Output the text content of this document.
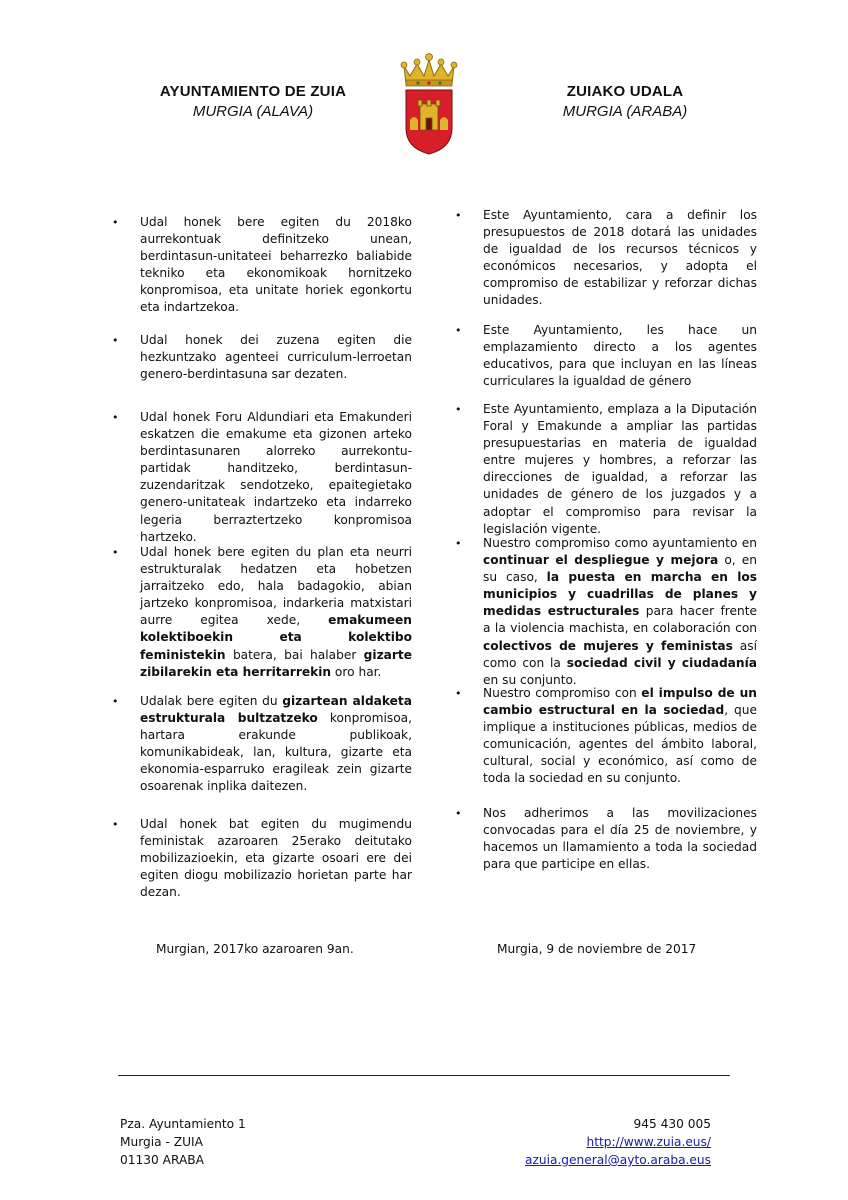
AYUNTAMIENTO DE ZUIA
MURGIA (ALAVA)
ZUIAKO UDALA
MURGIA (ARABA)
• Udal honek bere egiten du 2018ko aurrekontuak definitzeko unean, berdintasun-unitateei beharrezko baliabide tekniko eta ekonomikoak hornitzeko konpromisoa, eta unitate horiek egonkortu eta indartzekoa.
• Udal honek dei zuzena egiten die hezkuntzako agenteei curriculum-lerroetan genero-berdintasuna sar dezaten.
• Udal honek Foru Aldundiari eta Emakunderi eskatzen die emakume eta gizonen arteko berdintasunaren alorreko aurrekontu-partidak handitzeko, berdintasun-zuzendaritzak sendotzeko, epaitegietako genero-unitateak indartzeko eta indarreko legeria berraztertzeko konpromisoa hartzeko.
• Udal honek bere egiten du plan eta neurri estrukturalak hedatzen eta hobetzen jarraitzeko edo, hala badagokio, abian jartzeko konpromisoa, indarkeria matxistari aurre egitea xede, emakumeen kolektiboekin eta kolektibo feministekin batera, bai halaber gizarte zibilarekin eta herritarrekin oro har.
• Udalak bere egiten du gizartean aldaketa estrukturala bultzatzeko konpromisoa, hartara erakunde publikoak, komunikabideak, lan, kultura, gizarte eta ekonomia-esparruko eragileak zein gizarte osoarenak inplika daitezen.
• Udal honek bat egiten du mugimendu feministak azaroaren 25erako deitutako mobilizazioekin, eta gizarte osoari ere dei egiten diogu mobilizazio horietan parte har dezan.
• Este Ayuntamiento, cara a definir los presupuestos de 2018 dotará las unidades de igualdad de los recursos técnicos y económicos necesarios, y adopta el compromiso de estabilizar y reforzar dichas unidades.
• Este Ayuntamiento, les hace un emplazamiento directo a los agentes educativos, para que incluyan en las líneas curriculares la igualdad de género
• Este Ayuntamiento, emplaza a la Diputación Foral y Emakunde a ampliar las partidas presupuestarias en materia de igualdad entre mujeres y hombres, a reforzar las direcciones de igualdad, a reforzar las unidades de género de los juzgados y a adoptar el compromiso para revisar la legislación vigente.
• Nuestro compromiso como ayuntamiento en continuar el despliegue y mejora o, en su caso, la puesta en marcha en los municipios y cuadrillas de planes y medidas estructurales para hacer frente a la violencia machista, en colaboración con colectivos de mujeres y feministas así como con la sociedad civil y ciudadanía en su conjunto.
• Nuestro compromiso con el impulso de un cambio estructural en la sociedad, que implique a instituciones públicas, medios de comunicación, agentes del ámbito laboral, cultural, social y económico, así como de toda la sociedad en su conjunto.
• Nos adherimos a las movilizaciones convocadas para el día 25 de noviembre, y hacemos un llamamiento a toda la sociedad para que participe en ellas.
Murgian, 2017ko azaroaren 9an.	Murgia, 9 de noviembre de 2017
Pza. Ayuntamiento 1
Murgia - ZUIA
01130 ARABA
945 430 005
http://www.zuia.eus/
azuia.general@ayto.araba.eus
